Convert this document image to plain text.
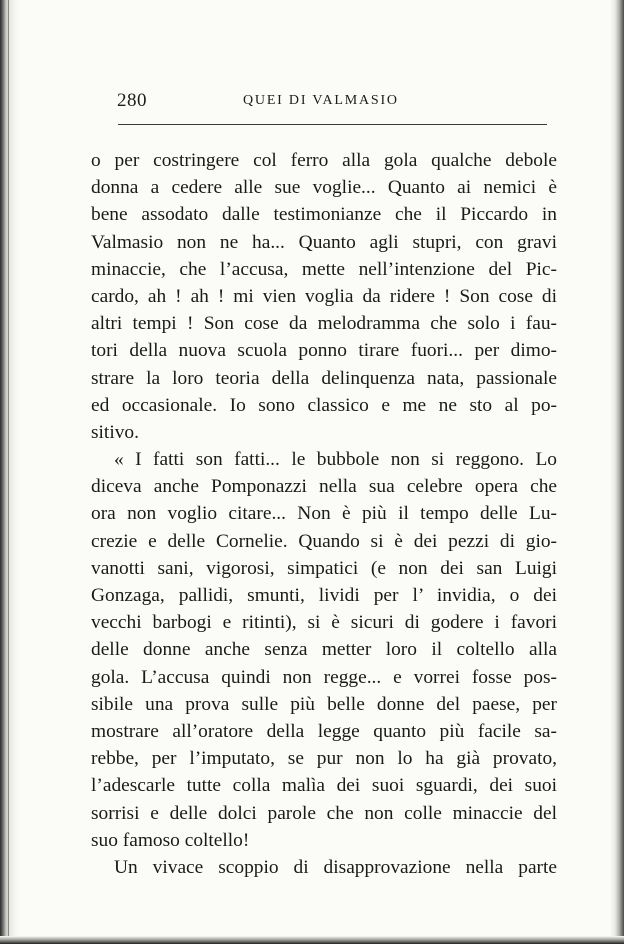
280	QUEI DI VALMASIO
o per costringere col ferro alla gola qualche debole
donna a cedere alle sue voglie... Quanto ai nemici è
bene assodato dalle testimonianze che il Piccardo in
Valmasio non ne ha... Quanto agli stupri, con gravi
minaccie, che l’accusa, mette nell’intenzione del Pic-
cardo, ah ! ah ! mi vien voglia da ridere ! Son cose di
altri tempi ! Son cose da melodramma che solo i fau-
tori della nuova scuola ponno tirare fuori... per dimo-
strare la loro teoria della delinquenza nata, passionale
ed occasionale. Io sono classico e me ne sto al po-
sitivo.
« I fatti son fatti... le bubbole non si reggono. Lo
diceva anche Pomponazzi nella sua celebre opera che
ora non voglio citare... Non è più il tempo delle Lu-
crezie e delle Cornelie. Quando si è dei pezzi di gio-
vanotti sani, vigorosi, simpatici (e non dei san Luigi
Gonzaga, pallidi, smunti, lividi per l’ invidia, o dei
vecchi barbogi e ritinti), si è sicuri di godere i favori
delle donne anche senza metter loro il coltello alla
gola. L’accusa quindi non regge... e vorrei fosse pos-
sibile una prova sulle più belle donne del paese, per
mostrare all’oratore della legge quanto più facile sa-
rebbe, per l’imputato, se pur non lo ha già provato,
l’adescarle tutte colla malìa dei suoi sguardi, dei suoi
sorrisi e delle dolci parole che non colle minaccie del
suo famoso coltello!
Un vivace scoppio di disapprovazione nella parte
